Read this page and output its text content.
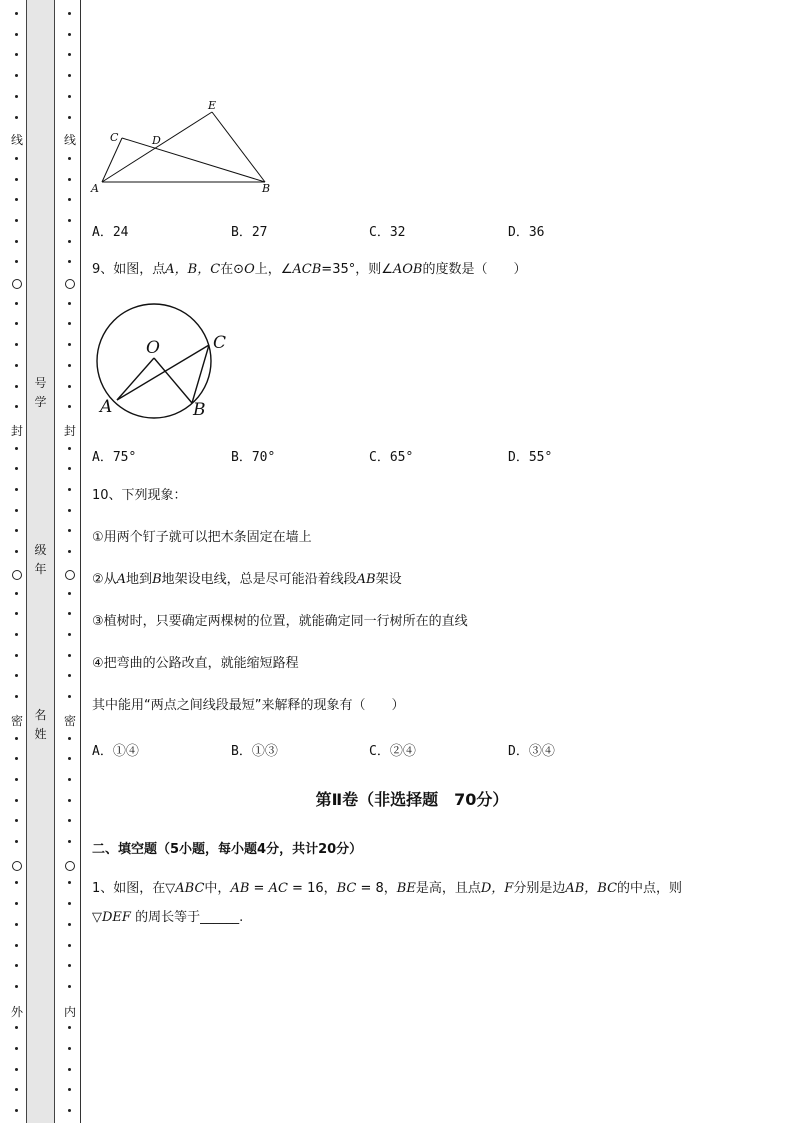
线
封
密
外
线
封
密
内
号
学
级
年
名
姓
A	B
C	D
E
A．24	B．27	C．32	D．36
9、如图，点A，B，C在⊙O上，∠ACB=35°，则∠AOB的度数是（　　）
O
A	B
C
A．75°	B．70°	C．65°	D．55°
10、下列现象：
①用两个钉子就可以把木条固定在墙上
②从A地到B地架设电线，总是尽可能沿着线段AB架设
③植树时，只要确定两棵树的位置，就能确定同一行树所在的直线
④把弯曲的公路改直，就能缩短路程
其中能用“两点之间线段最短”来解释的现象有（　　）
A．①④	B．①③	C．②④	D．③④
第Ⅱ卷（非选择题　70分）
二、填空题（5小题，每小题4分，共计20分）
1、如图，在▽ABC中，AB = AC = 16，BC = 8，BE是高，且点D，F分别是边AB，BC的中点，则
▽DEF 的周长等于______.
